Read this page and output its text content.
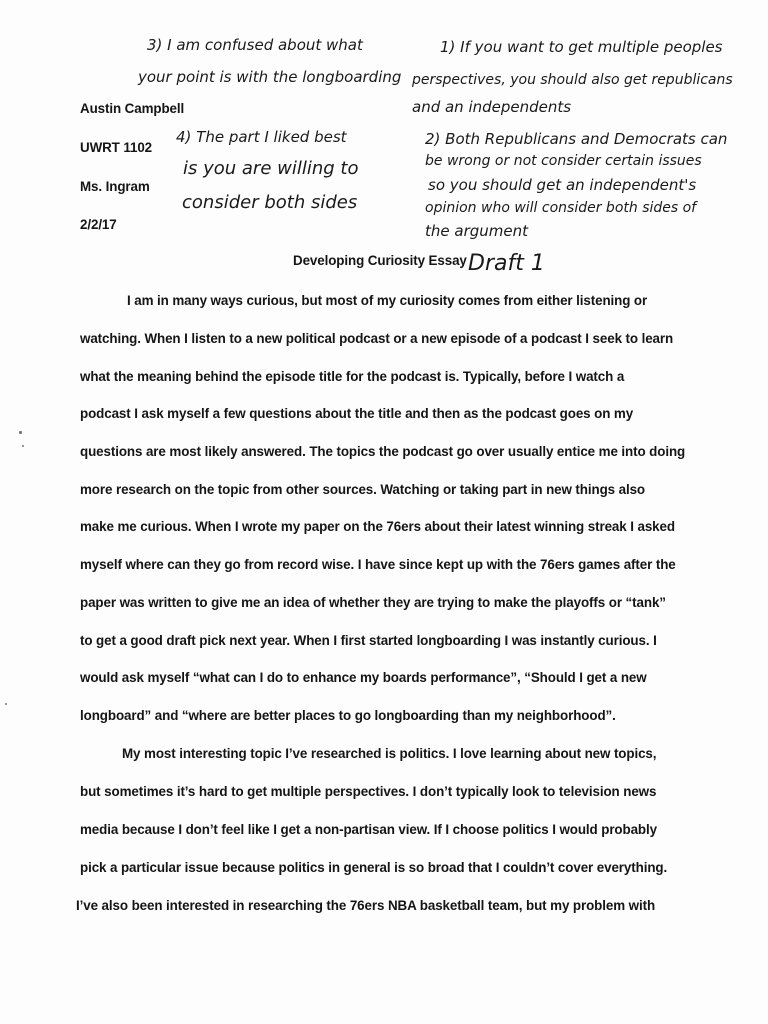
3) I am confused about what
your point is with the longboarding
1) If you want to get multiple peoples
perspectives, you should also get republicans
and an independents
4) The part I liked best
is you are willing to
consider both sides
2) Both Republicans and Democrats can
be wrong or not consider certain issues
so you should get an independent's
opinion who will consider both sides of
the argument
Austin Campbell
UWRT 1102
Ms. Ingram
2/2/17
Developing Curiosity Essay Draft 1
I am in many ways curious, but most of my curiosity comes from either listening or
watching. When I listen to a new political podcast or a new episode of a podcast I seek to learn
what the meaning behind the episode title for the podcast is. Typically, before I watch a
podcast I ask myself a few questions about the title and then as the podcast goes on my
questions are most likely answered. The topics the podcast go over usually entice me into doing
more research on the topic from other sources. Watching or taking part in new things also
make me curious. When I wrote my paper on the 76ers about their latest winning streak I asked
myself where can they go from record wise. I have since kept up with the 76ers games after the
paper was written to give me an idea of whether they are trying to make the playoffs or “tank”
to get a good draft pick next year. When I first started longboarding I was instantly curious. I
would ask myself “what can I do to enhance my boards performance”, “Should I get a new
longboard” and “where are better places to go longboarding than my neighborhood”.
My most interesting topic I’ve researched is politics. I love learning about new topics,
but sometimes it’s hard to get multiple perspectives. I don’t typically look to television news
media because I don’t feel like I get a non-partisan view. If I choose politics I would probably
pick a particular issue because politics in general is so broad that I couldn’t cover everything.
I’ve also been interested in researching the 76ers NBA basketball team, but my problem with
